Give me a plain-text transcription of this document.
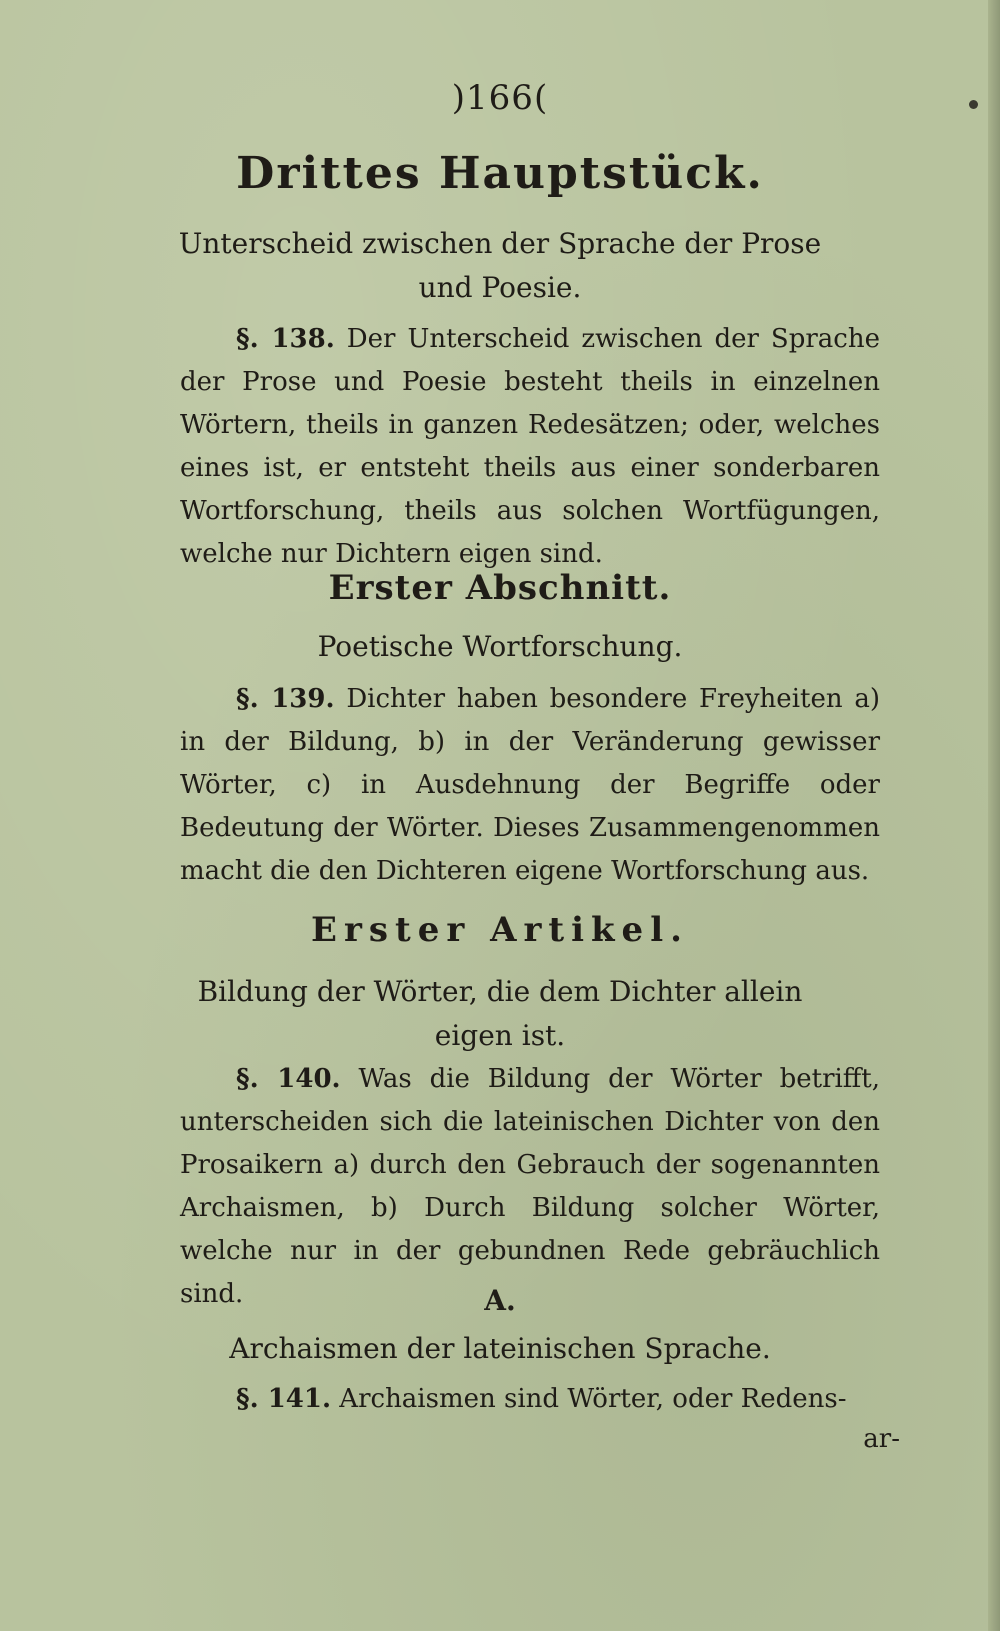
)166(
Drittes Hauptstück.
Unterscheid zwischen der Sprache der Prose
und Poesie.
§. 138. Der Unterscheid zwischen der Sprache der Prose und Poesie besteht theils in einzelnen Wörtern, theils in ganzen Redesätzen; oder, welches eines ist, er entsteht theils aus einer sonderbaren Wortforschung, theils aus solchen Wortfügungen, welche nur Dichtern eigen sind.
Erster Abschnitt.
Poetische Wortforschung.
§. 139. Dichter haben besondere Freyheiten a) in der Bildung, b) in der Veränderung gewisser Wörter, c) in Ausdehnung der Begriffe oder Bedeutung der Wörter. Dieses Zusammengenommen macht die den Dichteren eigene Wortforschung aus.
Erster Artikel.
Bildung der Wörter, die dem Dichter allein
eigen ist.
§. 140. Was die Bildung der Wörter betrifft, unterscheiden sich die lateinischen Dichter von den Prosaikern a) durch den Gebrauch der sogenannten Archaismen, b) Durch Bildung solcher Wörter, welche nur in der gebundnen Rede gebräuchlich sind.	A.
Archaismen der lateinischen Sprache.
§. 141. Archaismen sind Wörter, oder Redens-
ar-
